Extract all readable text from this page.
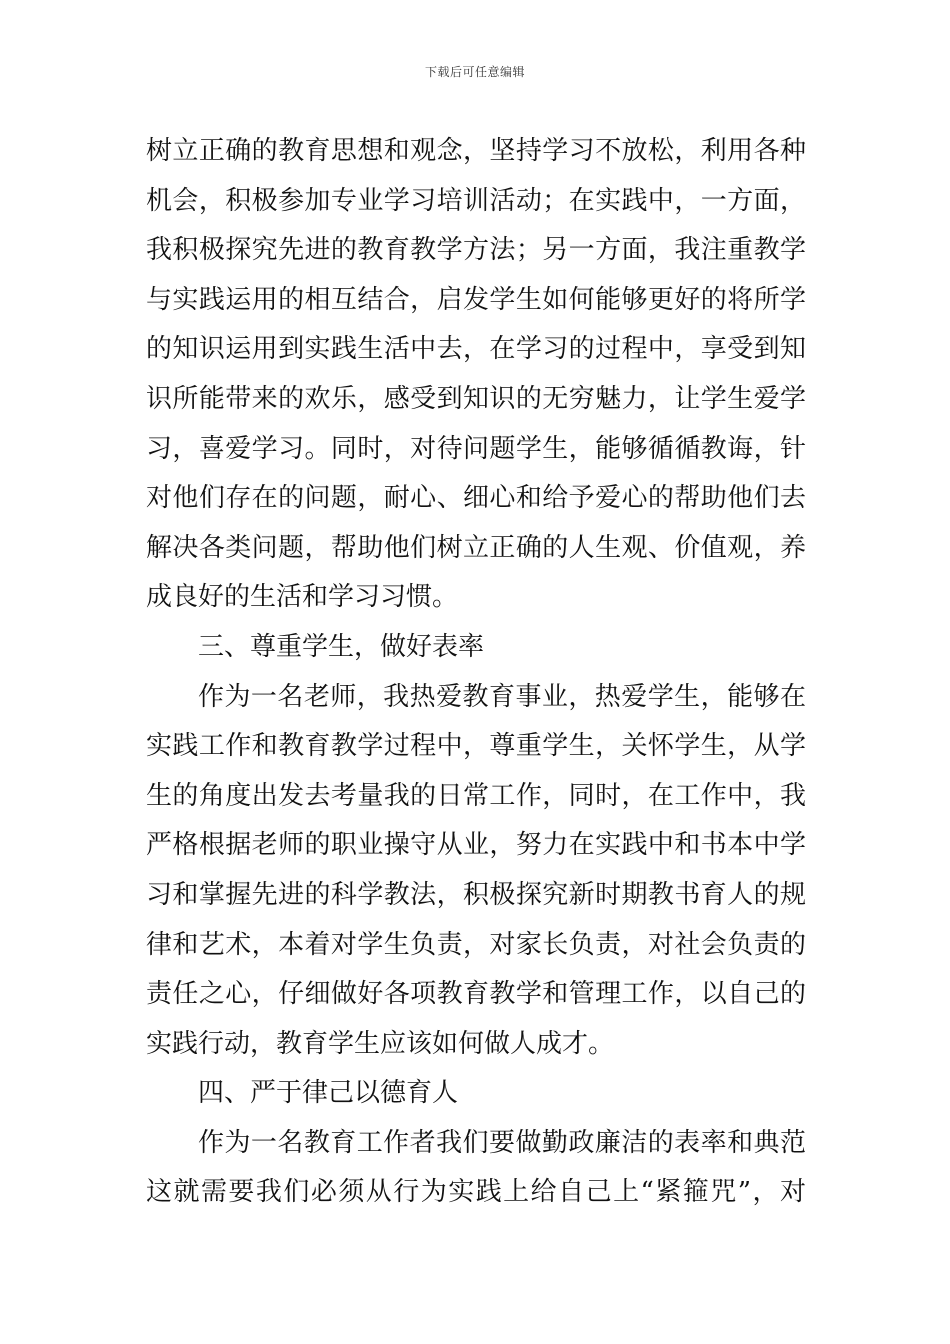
下载后可任意编辑
树立正确的教育思想和观念，坚持学习不放松，利用各种
机会，积极参加专业学习培训活动；在实践中，一方面，
我积极探究先进的教育教学方法；另一方面，我注重教学
与实践运用的相互结合，启发学生如何能够更好的将所学
的知识运用到实践生活中去，在学习的过程中，享受到知
识所能带来的欢乐，感受到知识的无穷魅力，让学生爱学
习，喜爱学习。同时，对待问题学生，能够循循教诲，针
对他们存在的问题，耐心、细心和给予爱心的帮助他们去
解决各类问题，帮助他们树立正确的人生观、价值观，养
成良好的生活和学习习惯。
三、尊重学生，做好表率
作为一名老师，我热爱教育事业，热爱学生，能够在
实践工作和教育教学过程中，尊重学生，关怀学生，从学
生的角度出发去考量我的日常工作，同时，在工作中，我
严格根据老师的职业操守从业，努力在实践中和书本中学
习和掌握先进的科学教法，积极探究新时期教书育人的规
律和艺术，本着对学生负责，对家长负责，对社会负责的
责任之心，仔细做好各项教育教学和管理工作，以自己的
实践行动，教育学生应该如何做人成才。
四、严于律己以德育人
作为一名教育工作者我们要做勤政廉洁的表率和典范
这就需要我们必须从行为实践上给自己上“紧箍咒”，对
